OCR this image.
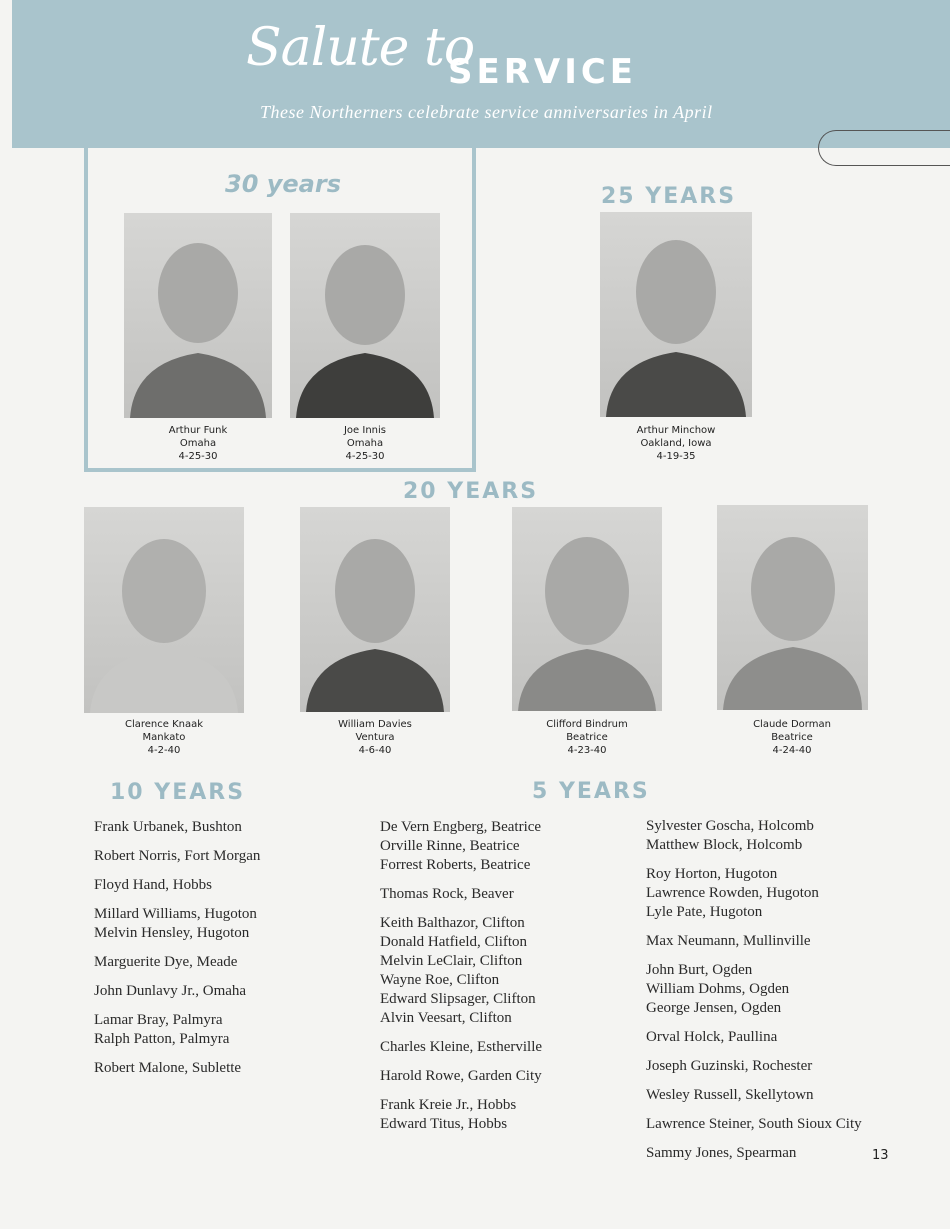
Salute to
SERVICE
These Northerners celebrate service anniversaries in April
30 years
Arthur Funk
Omaha
4-25-30
Joe Innis
Omaha
4-25-30
25 YEARS
Arthur Minchow
Oakland, Iowa
4-19-35
20 YEARS
Clarence Knaak
Mankato
4-2-40
William Davies
Ventura
4-6-40
Clifford Bindrum
Beatrice
4-23-40
Claude Dorman
Beatrice
4-24-40
10 YEARS
Frank Urbanek, Bushton
Robert Norris, Fort Morgan
Floyd Hand, Hobbs
Millard Williams, Hugoton
Melvin Hensley, Hugoton
Marguerite Dye, Meade
John Dunlavy Jr., Omaha
Lamar Bray, Palmyra
Ralph Patton, Palmyra
Robert Malone, Sublette
5 YEARS
De Vern Engberg, Beatrice
Orville Rinne, Beatrice
Forrest Roberts, Beatrice
Thomas Rock, Beaver
Keith Balthazor, Clifton
Donald Hatfield, Clifton
Melvin LeClair, Clifton
Wayne Roe, Clifton
Edward Slipsager, Clifton
Alvin Veesart, Clifton
Charles Kleine, Estherville
Harold Rowe, Garden City
Frank Kreie Jr., Hobbs
Edward Titus, Hobbs
Sylvester Goscha, Holcomb
Matthew Block, Holcomb
Roy Horton, Hugoton
Lawrence Rowden, Hugoton
Lyle Pate, Hugoton
Max Neumann, Mullinville
John Burt, Ogden
William Dohms, Ogden
George Jensen, Ogden
Orval Holck, Paullina
Joseph Guzinski, Rochester
Wesley Russell, Skellytown
Lawrence Steiner, South Sioux City
Sammy Jones, Spearman	13
